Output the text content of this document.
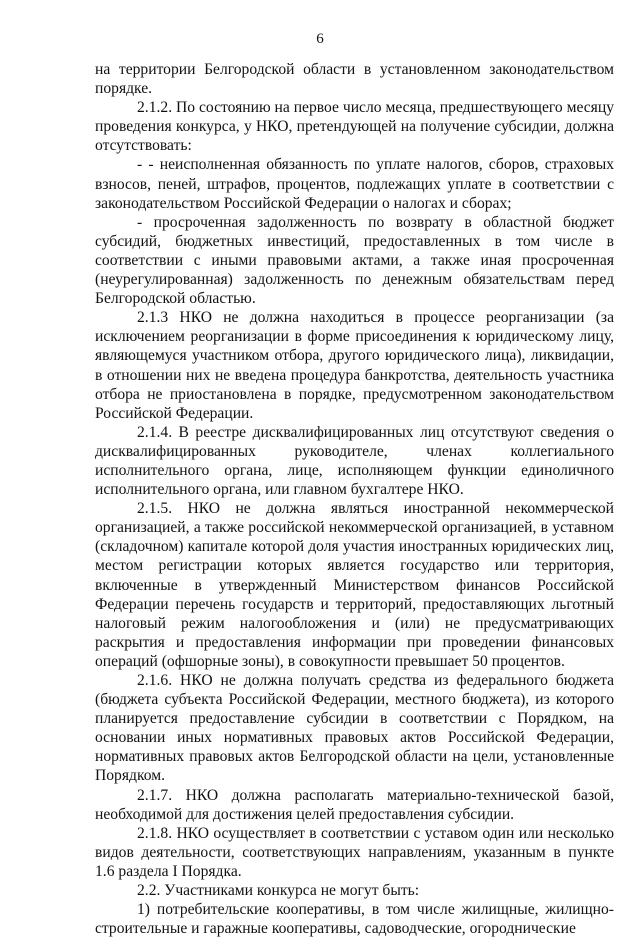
6

на территории Белгородской области в установленном законодательством порядке.

2.1.2. По состоянию на первое число месяца, предшествующего месяцу проведения конкурса, у НКО, претендующей на получение субсидии, должна отсутствовать:

- - неисполненная обязанность по уплате налогов, сборов, страховых взносов, пеней, штрафов, процентов, подлежащих уплате в соответствии с законодательством Российской Федерации о налогах и сборах;

- просроченная задолженность по возврату в областной бюджет субсидий, бюджетных инвестиций, предоставленных в том числе в соответствии с иными правовыми актами, а также иная просроченная (неурегулированная) задолженность по денежным обязательствам перед Белгородской областью.

2.1.3 НКО не должна находиться в процессе реорганизации (за исключением реорганизации в форме присоединения к юридическому лицу, являющемуся участником отбора, другого юридического лица), ликвидации, в отношении них не введена процедура банкротства, деятельность участника отбора не приостановлена в порядке, предусмотренном законодательством Российской Федерации.

2.1.4. В реестре дисквалифицированных лиц отсутствуют сведения о дисквалифицированных руководителе, членах коллегиального исполнительного органа, лице, исполняющем функции единоличного исполнительного органа, или главном бухгалтере НКО.

2.1.5. НКО не должна являться иностранной некоммерческой организацией, а также российской некоммерческой организацией, в уставном (складочном) капитале которой доля участия иностранных юридических лиц, местом регистрации которых является государство или территория, включенные в утвержденный Министерством финансов Российской Федерации перечень государств и территорий, предоставляющих льготный налоговый режим налогообложения и (или) не предусматривающих раскрытия и предоставления информации при проведении финансовых операций (офшорные зоны), в совокупности превышает 50 процентов.

2.1.6. НКО не должна получать средства из федерального бюджета (бюджета субъекта Российской Федерации, местного бюджета), из которого планируется предоставление субсидии в соответствии с Порядком, на основании иных нормативных правовых актов Российской Федерации, нормативных правовых актов Белгородской области на цели, установленные Порядком.

2.1.7. НКО должна располагать материально-технической базой, необходимой для достижения целей предоставления субсидии.

2.1.8. НКО осуществляет в соответствии с уставом один или несколько видов деятельности, соответствующих направлениям, указанным в пункте 1.6 раздела I Порядка.

2.2. Участниками конкурса не могут быть:

1) потребительские кооперативы, в том числе жилищные, жилищно-строительные и гаражные кооперативы, садоводческие, огороднические
